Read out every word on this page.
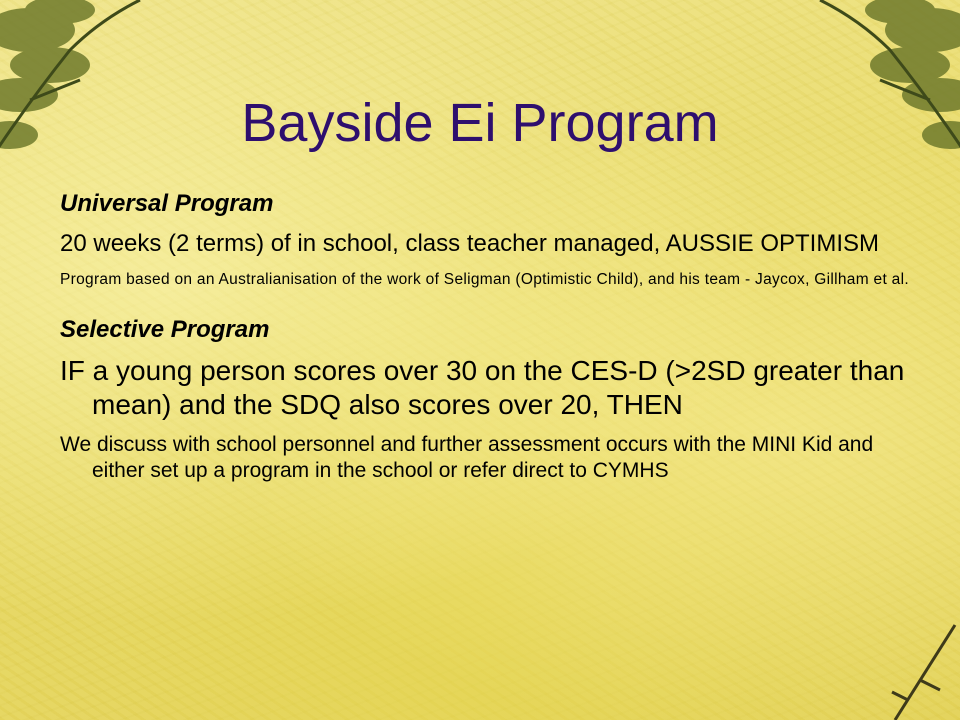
Bayside Ei Program

Universal Program

20 weeks (2 terms) of in school, class teacher managed, AUSSIE OPTIMISM

Program based on an Australianisation of the work of Seligman (Optimistic Child), and his team - Jaycox, Gillham et al.

Selective Program

IF a young person scores over 30 on the CES-D (>2SD greater than mean) and the SDQ also scores over 20, THEN

We discuss with school personnel and further assessment occurs with the MINI Kid and either set up a program in the school or refer direct to CYMHS
